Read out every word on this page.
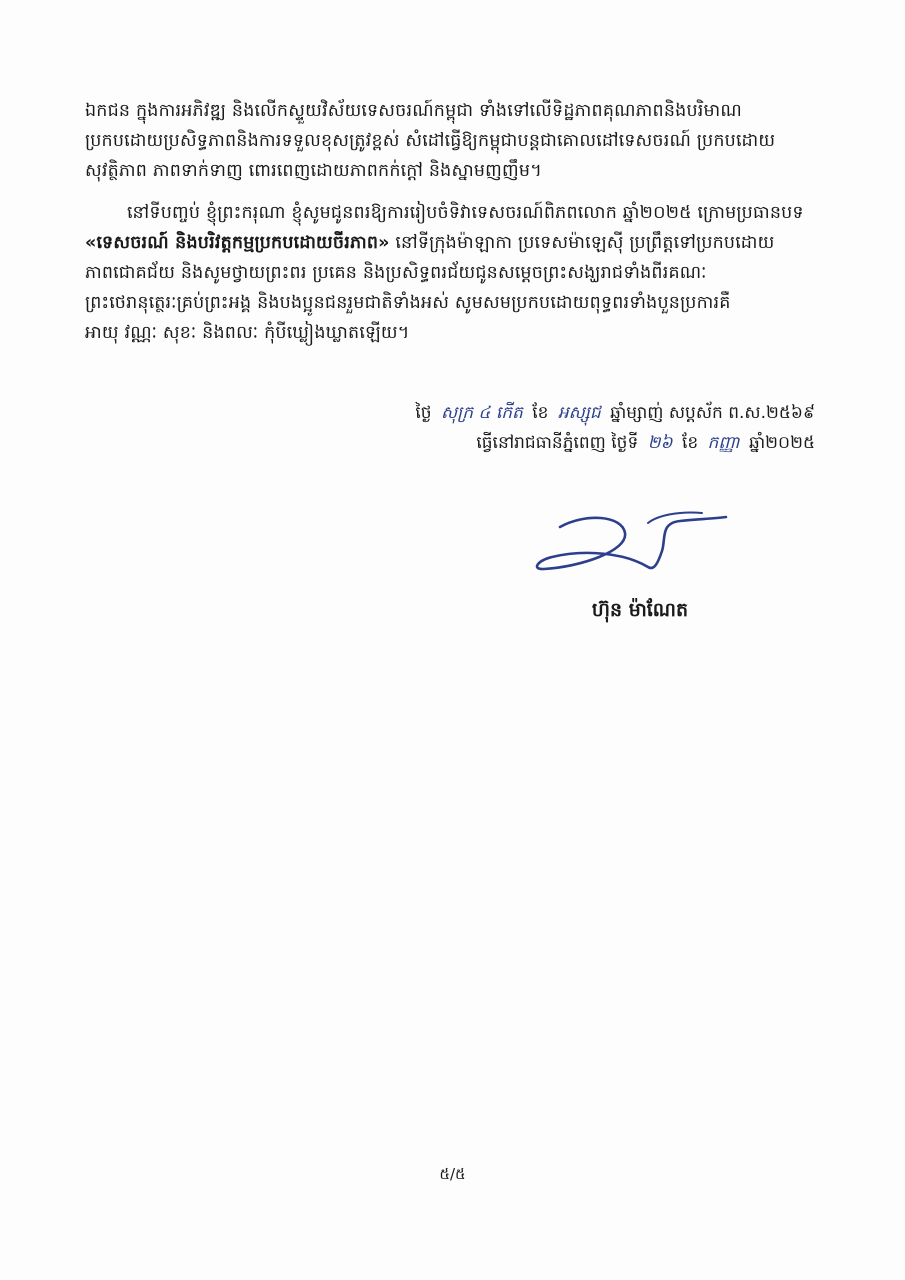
ឯកជន ក្នុងការអភិវឌ្ឍ និងលើកស្ទួយវិស័យទេសចរណ៍កម្ពុជា ទាំងទៅលើទិដ្ឋភាពគុណភាពនិងបរិមាណ
ប្រកបដោយប្រសិទ្ធភាពនិងការទទួលខុសត្រូវខ្ពស់ សំដៅធ្វើឱ្យកម្ពុជាបន្តជាគោលដៅទេសចរណ៍ ប្រកបដោយ
សុវត្ថិភាព ភាពទាក់ទាញ ពោរពេញដោយភាពកក់ក្តៅ និងស្នាមញញឹម។

នៅទីបញ្ចប់ ខ្ញុំព្រះករុណា ខ្ញុំសូមជូនពរឱ្យការរៀបចំទិវាទេសចរណ៍ពិភពលោក ឆ្នាំ២០២៥ ក្រោមប្រធានបទ
«ទេសចរណ៍ និងបរិវត្តកម្មប្រកបដោយចីរភាព» នៅទីក្រុងម៉ាឡាកា ប្រទេសម៉ាឡេស៊ី ប្រព្រឹត្តទៅប្រកបដោយ
ភាពជោគជ័យ និងសូមថ្វាយព្រះពរ ប្រគេន និងប្រសិទ្ធពរជ័យជូនសម្តេចព្រះសង្ឃរាជទាំងពីរគណៈ
ព្រះថេរានុត្ថេរៈគ្រប់ព្រះអង្គ និងបងប្អូនជនរួមជាតិទាំងអស់ សូមសមប្រកបដោយពុទ្ធពរទាំងបួនប្រការគឺ
អាយុ វណ្ណៈ សុខៈ និងពលៈ កុំបីឃ្លៀងឃ្លាតឡើយ។

ថ្ងៃ សុក្រ ៤ កើត ខែ អស្សុជ ឆ្នាំម្សាញ់ សប្តស័ក ព.ស.២៥៦៩
ធ្វើនៅរាជធានីភ្នំពេញ ថ្ងៃទី ២៦ ខែ កញ្ញា ឆ្នាំ២០២៥
ហ៊ុន ម៉ាណែត
៥/៥
